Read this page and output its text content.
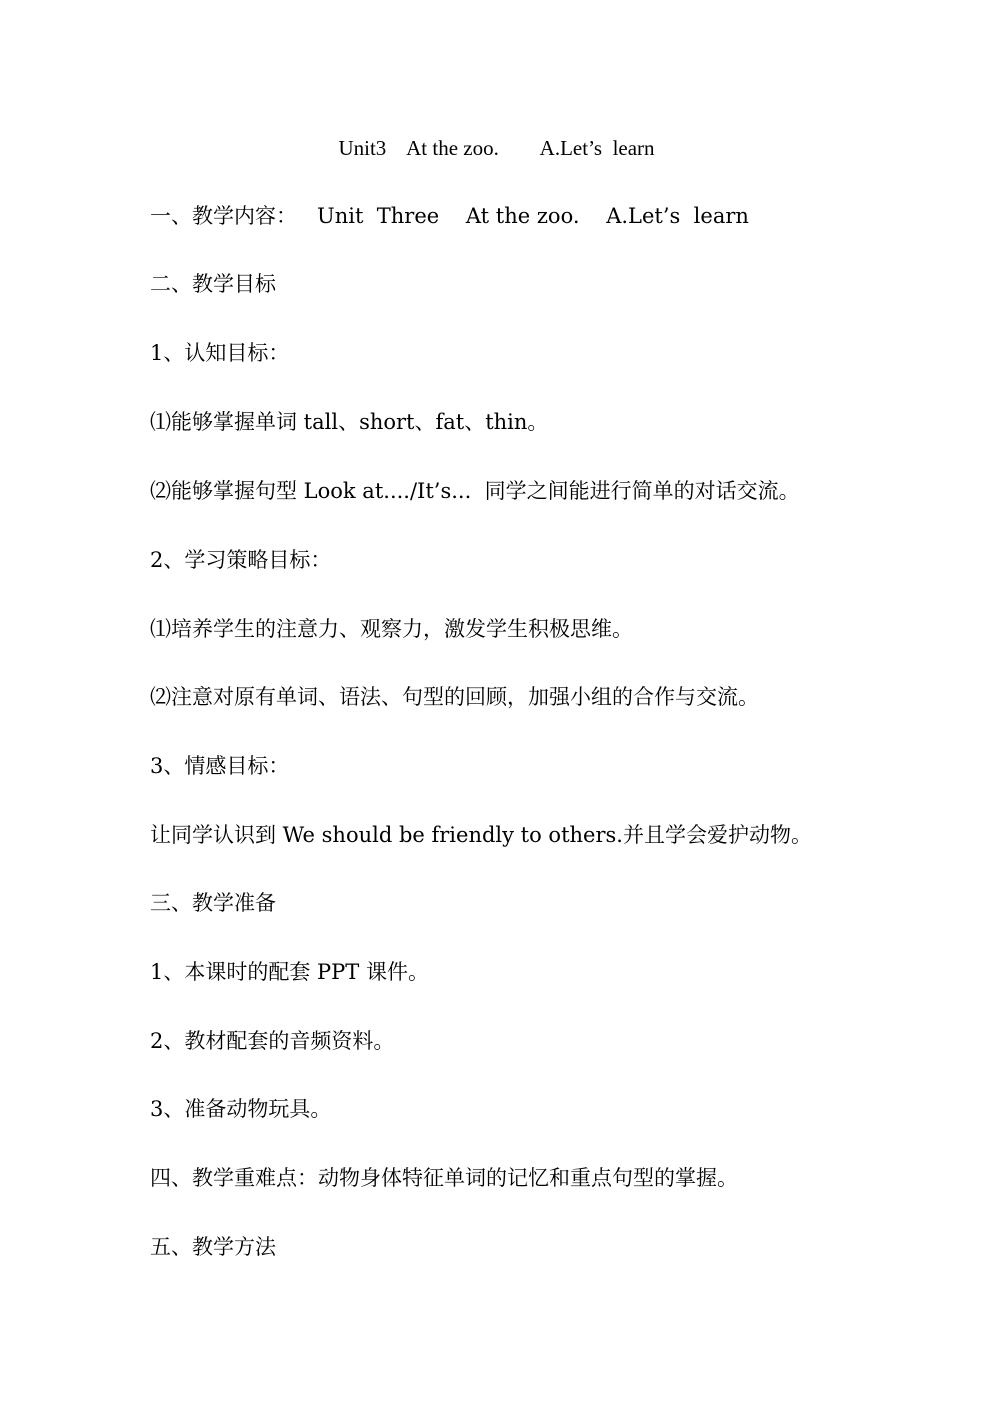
Unit3    At the zoo.        A.Let’s  learn
一、教学内容：   Unit  Three    At the zoo.    A.Let’s  learn
二、教学目标
1、认知目标：
⑴能够掌握单词 tall、short、fat、thin。
⑵能够掌握句型 Look at..../It’s...  同学之间能进行简单的对话交流。
2、学习策略目标：
⑴培养学生的注意力、观察力，激发学生积极思维。
⑵注意对原有单词、语法、句型的回顾，加强小组的合作与交流。
3、情感目标：
让同学认识到 We should be friendly to others.并且学会爱护动物。
三、教学准备
1、本课时的配套 PPT 课件。
2、教材配套的音频资料。
3、准备动物玩具。
四、教学重难点：动物身体特征单词的记忆和重点句型的掌握。
五、教学方法
